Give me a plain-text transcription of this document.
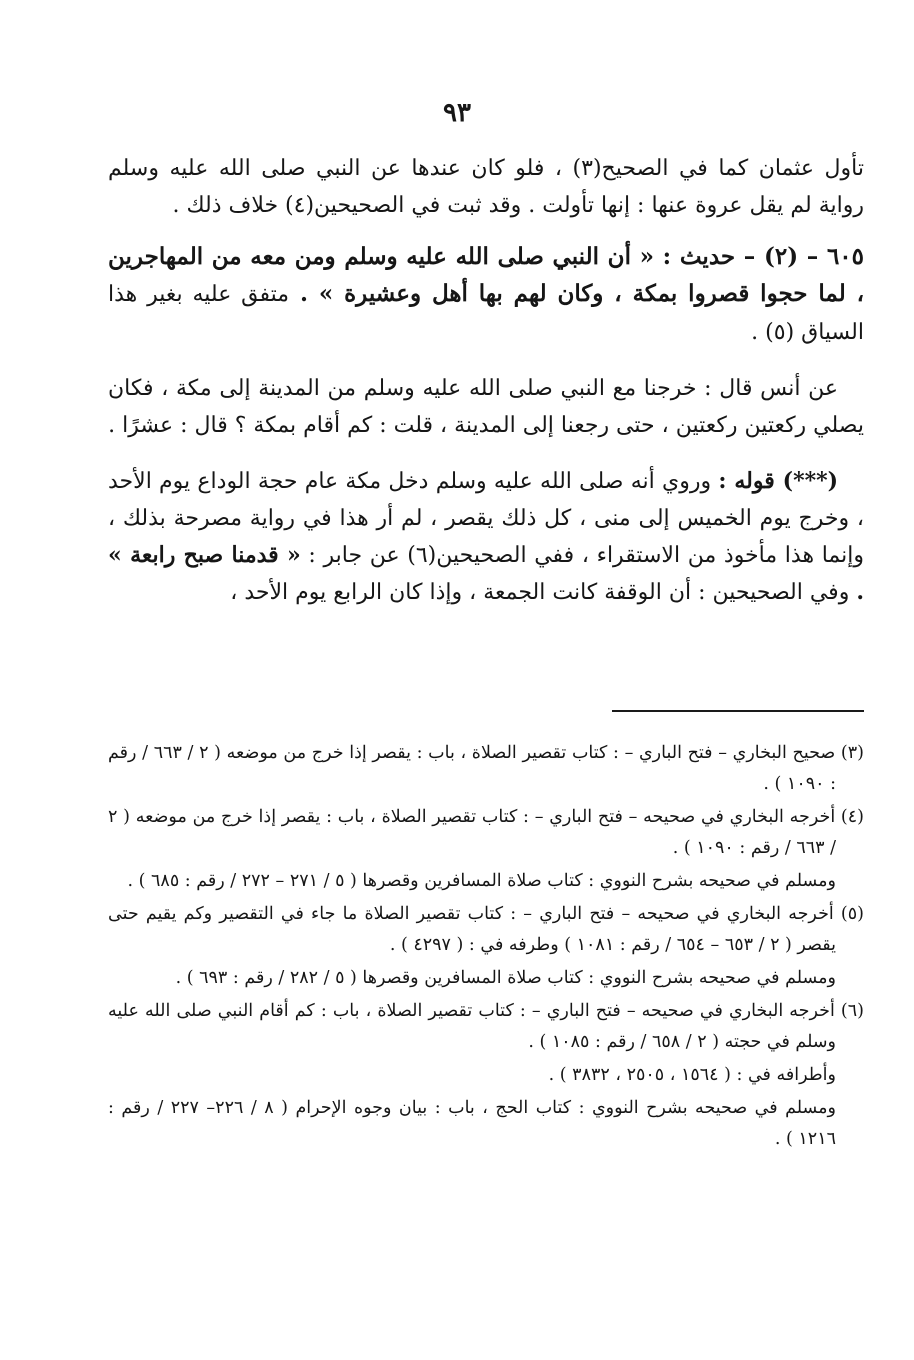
٩٣

تأول عثمان كما في الصحيح(٣) ، فلو كان عندها عن النبي صلى الله عليه وسلم رواية لم يقل عروة عنها : إنها تأولت . وقد ثبت في الصحيحين(٤) خلاف ذلك .

٦٠٥ – (٢) – حديث : « أن النبي صلى الله عليه وسلم ومن معه من المهاجرين ، لما حجوا قصروا بمكة ، وكان لهم بها أهل وعشيرة » . متفق عليه بغير هذا السياق (٥) .

عن أنس قال : خرجنا مع النبي صلى الله عليه وسلم من المدينة إلى مكة ، فكان يصلي ركعتين ركعتين ، حتى رجعنا إلى المدينة ، قلت : كم أقام بمكة ؟ قال : عشرًا .

(***) قوله : وروي أنه صلى الله عليه وسلم دخل مكة عام حجة الوداع يوم الأحد ، وخرج يوم الخميس إلى منى ، كل ذلك يقصر ، لم أر هذا في رواية مصرحة بذلك ، وإنما هذا مأخوذ من الاستقراء ، ففي الصحيحين(٦) عن جابر : « قدمنا صبح رابعة » . وفي الصحيحين : أن الوقفة كانت الجمعة ، وإذا كان الرابع يوم الأحد ،

(٣) صحيح البخاري – فتح الباري – : كتاب تقصير الصلاة ، باب : يقصر إذا خرج من موضعه ( ٢ / ٦٦٣ / رقم : ١٠٩٠ ) .

(٤) أخرجه البخاري في صحيحه – فتح الباري – : كتاب تقصير الصلاة ، باب : يقصر إذا خرج من موضعه ( ٢ / ٦٦٣ / رقم : ١٠٩٠ ) .

ومسلم في صحيحه بشرح النووي : كتاب صلاة المسافرين وقصرها ( ٥ / ٢٧١ – ٢٧٢ / رقم : ٦٨٥ ) .

(٥) أخرجه البخاري في صحيحه – فتح الباري – : كتاب تقصير الصلاة ما جاء في التقصير وكم يقيم حتى يقصر ( ٢ / ٦٥٣ – ٦٥٤ / رقم : ١٠٨١ ) وطرفه في : ( ٤٢٩٧ ) .

ومسلم في صحيحه بشرح النووي : كتاب صلاة المسافرين وقصرها ( ٥ / ٢٨٢ / رقم : ٦٩٣ ) .

(٦) أخرجه البخاري في صحيحه – فتح الباري – : كتاب تقصير الصلاة ، باب : كم أقام النبي صلى الله عليه وسلم في حجته ( ٢ / ٦٥٨ / رقم : ١٠٨٥ ) .

وأطرافه في : ( ١٥٦٤ ، ٢٥٠٥ ، ٣٨٣٢ ) .

ومسلم في صحيحه بشرح النووي : كتاب الحج ، باب : بيان وجوه الإحرام ( ٨ / ٢٢٦– ٢٢٧ / رقم : ١٢١٦ ) .
